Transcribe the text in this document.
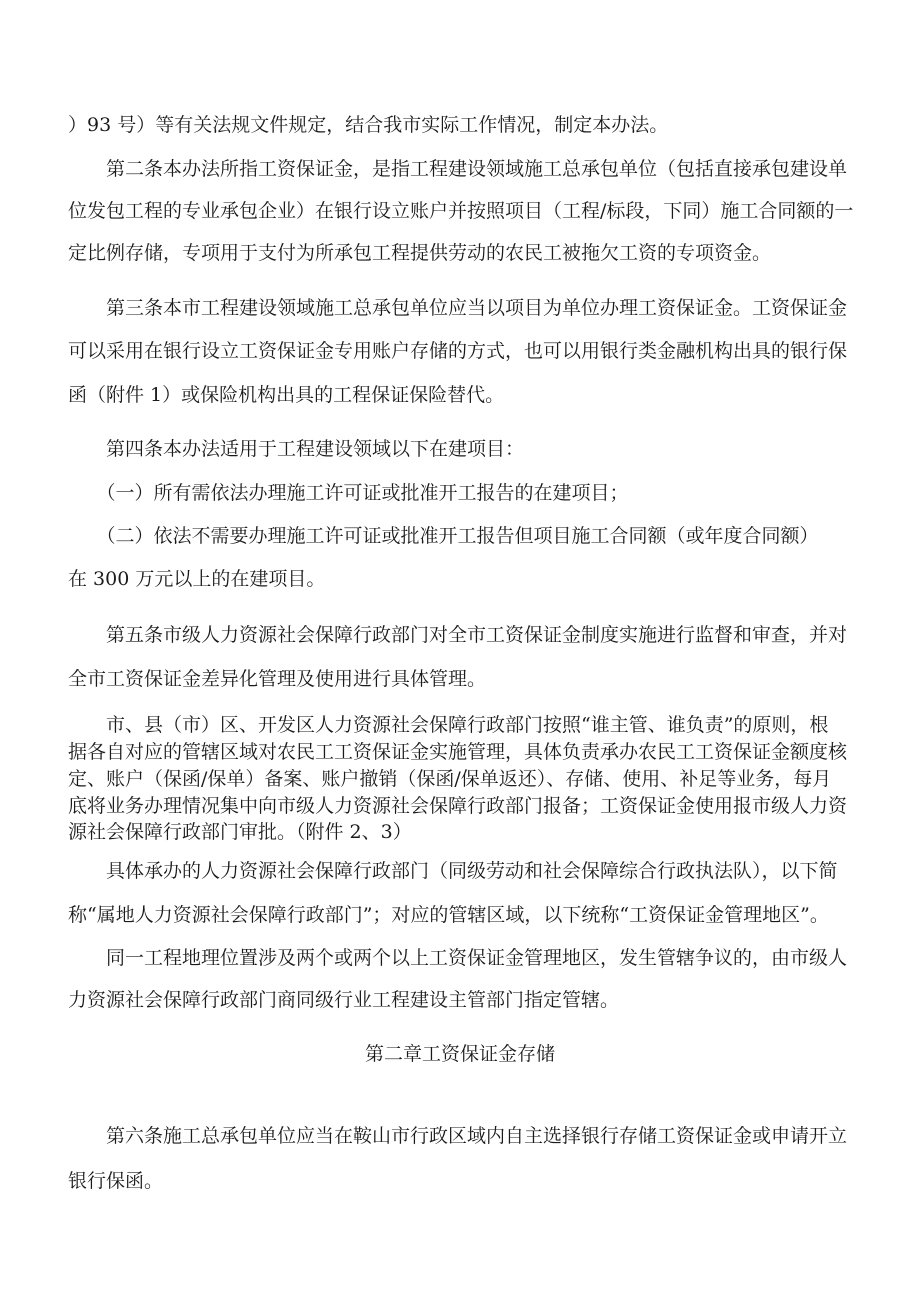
）93 号）等有关法规文件规定，结合我市实际工作情况，制定本办法。
　　第二条本办法所指工资保证金，是指工程建设领域施工总承包单位（包括直接承包建设单
位发包工程的专业承包企业）在银行设立账户并按照项目（工程/标段，下同）施工合同额的一
定比例存储，专项用于支付为所承包工程提供劳动的农民工被拖欠工资的专项资金。
　　第三条本市工程建设领域施工总承包单位应当以项目为单位办理工资保证金。工资保证金
可以采用在银行设立工资保证金专用账户存储的方式，也可以用银行类金融机构出具的银行保
函（附件 1）或保险机构出具的工程保证保险替代。
　　第四条本办法适用于工程建设领域以下在建项目：
　　（一）所有需依法办理施工许可证或批准开工报告的在建项目；
　　（二）依法不需要办理施工许可证或批准开工报告但项目施工合同额（或年度合同额）
在 300 万元以上的在建项目。
　　第五条市级人力资源社会保障行政部门对全市工资保证金制度实施进行监督和审查，并对
全市工资保证金差异化管理及使用进行具体管理。
　　市、县（市）区、开发区人力资源社会保障行政部门按照“谁主管、谁负责”的原则，根
据各自对应的管辖区域对农民工工资保证金实施管理，具体负责承办农民工工资保证金额度核
定、账户（保函/保单）备案、账户撤销（保函/保单返还）、存储、使用、补足等业务，每月
底将业务办理情况集中向市级人力资源社会保障行政部门报备；工资保证金使用报市级人力资
源社会保障行政部门审批。（附件 2、3）
　　具体承办的人力资源社会保障行政部门（同级劳动和社会保障综合行政执法队），以下简
称“属地人力资源社会保障行政部门”；对应的管辖区域，以下统称“工资保证金管理地区”。
　　同一工程地理位置涉及两个或两个以上工资保证金管理地区，发生管辖争议的，由市级人
力资源社会保障行政部门商同级行业工程建设主管部门指定管辖。
第二章工资保证金存储
　　第六条施工总承包单位应当在鞍山市行政区域内自主选择银行存储工资保证金或申请开立
银行保函。
